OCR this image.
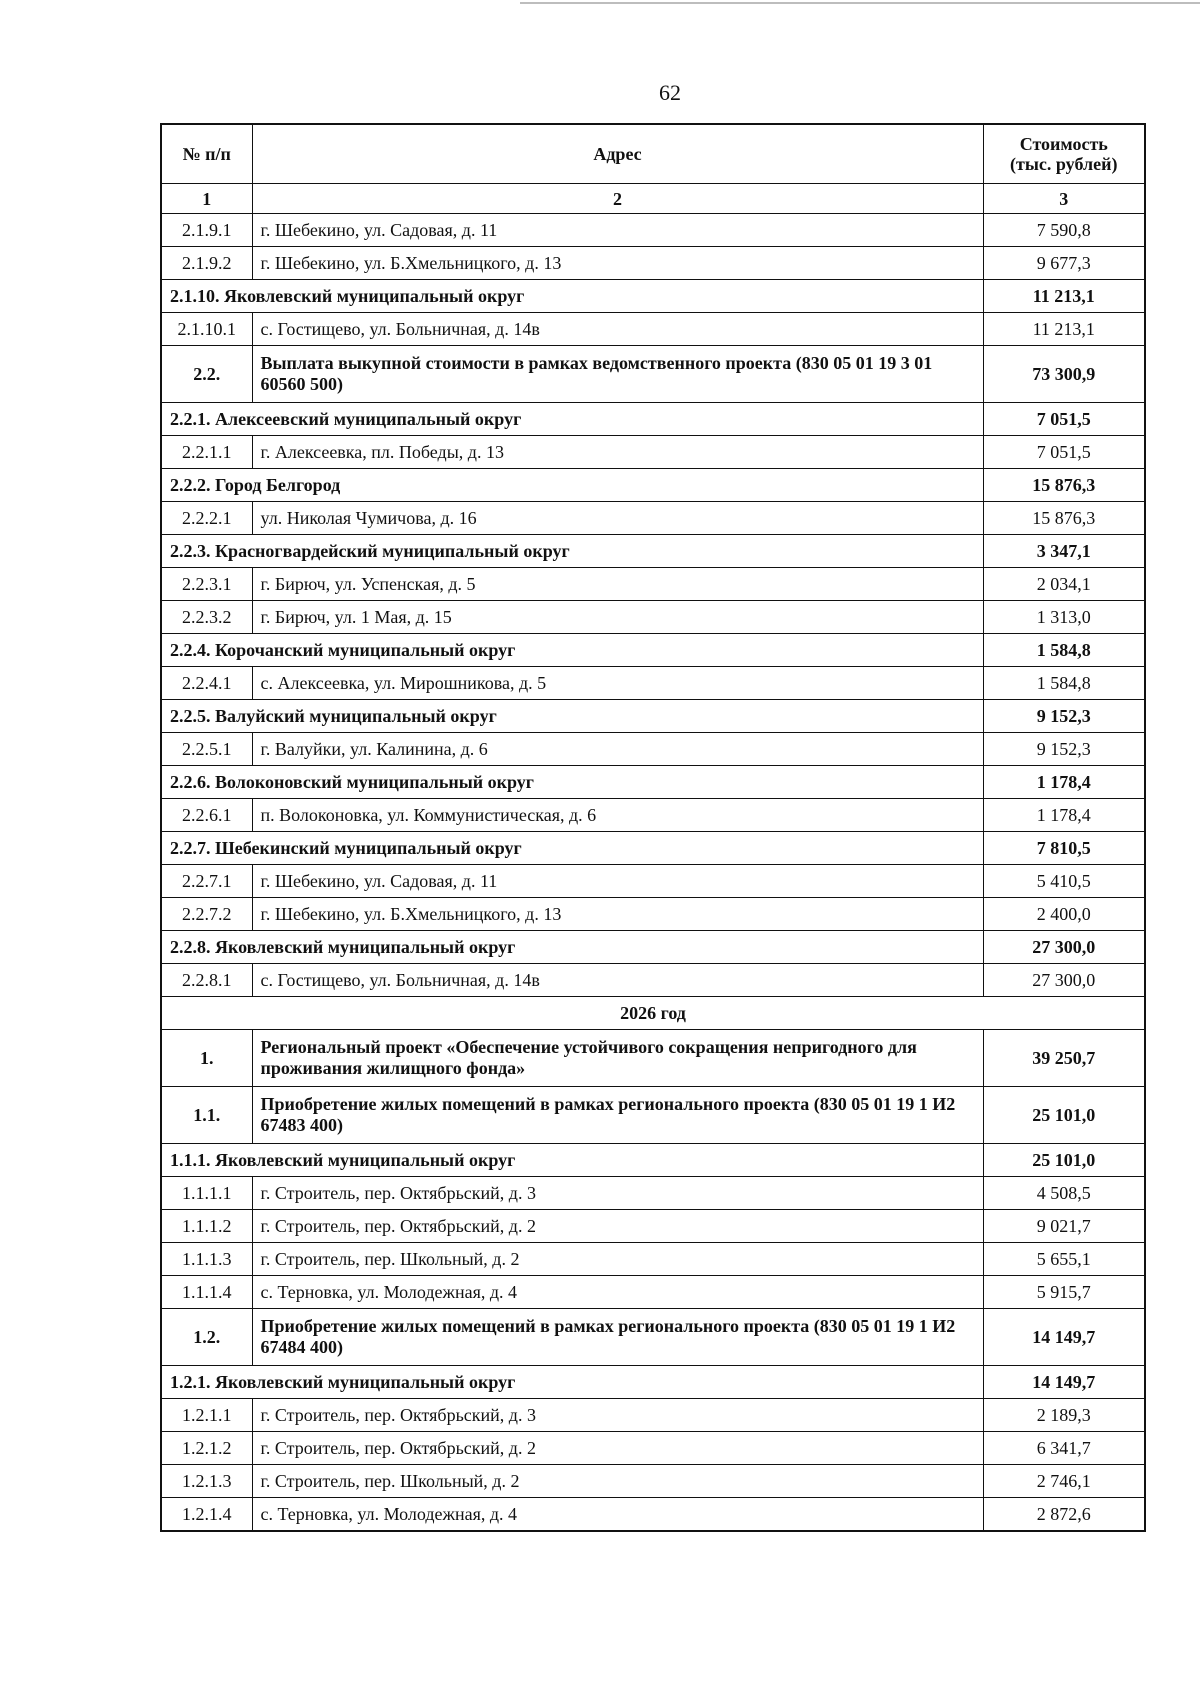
62
№ п/п	Адрес	Стоимость
(тыс. рублей)
1	2	3
2.1.9.1	г. Шебекино, ул. Садовая, д. 11	7 590,8
2.1.9.2	г. Шебекино, ул. Б.Хмельницкого, д. 13	9 677,3
2.1.10. Яковлевский муниципальный округ		11 213,1
2.1.10.1	с. Гостищево, ул. Больничная, д. 14в	11 213,1
2.2.	Выплата выкупной стоимости в рамках ведомственного проекта (830 05 01 19 3 01 60560 500)	73 300,9
2.2.1. Алексеевский муниципальный округ		7 051,5
2.2.1.1	г. Алексеевка, пл. Победы, д. 13	7 051,5
2.2.2. Город Белгород		15 876,3
2.2.2.1	ул. Николая Чумичова, д. 16	15 876,3
2.2.3. Красногвардейский муниципальный округ		3 347,1
2.2.3.1	г. Бирюч, ул. Успенская, д. 5	2 034,1
2.2.3.2	г. Бирюч, ул. 1 Мая, д. 15	1 313,0
2.2.4. Корочанский муниципальный округ		1 584,8
2.2.4.1	с. Алексеевка, ул. Мирошникова, д. 5	1 584,8
2.2.5. Валуйский муниципальный округ		9 152,3
2.2.5.1	г. Валуйки, ул. Калинина, д. 6	9 152,3
2.2.6. Волоконовский муниципальный округ		1 178,4
2.2.6.1	п. Волоконовка, ул. Коммунистическая, д. 6	1 178,4
2.2.7. Шебекинский муниципальный округ		7 810,5
2.2.7.1	г. Шебекино, ул. Садовая, д. 11	5 410,5
2.2.7.2	г. Шебекино, ул. Б.Хмельницкого, д. 13	2 400,0
2.2.8. Яковлевский муниципальный округ		27 300,0
2.2.8.1	с. Гостищево, ул. Больничная, д. 14в	27 300,0
2026 год		
1.	Региональный проект «Обеспечение устойчивого сокращения непригодного для проживания жилищного фонда»	39 250,7
1.1.	Приобретение жилых помещений в рамках регионального проекта (830 05 01 19 1 И2 67483 400)	25 101,0
1.1.1. Яковлевский муниципальный округ		25 101,0
1.1.1.1	г. Строитель, пер. Октябрьский, д. 3	4 508,5
1.1.1.2	г. Строитель, пер. Октябрьский, д. 2	9 021,7
1.1.1.3	г. Строитель, пер. Школьный, д. 2	5 655,1
1.1.1.4	с. Терновка, ул. Молодежная, д. 4	5 915,7
1.2.	Приобретение жилых помещений в рамках регионального проекта (830 05 01 19 1 И2 67484 400)	14 149,7
1.2.1. Яковлевский муниципальный округ		14 149,7
1.2.1.1	г. Строитель, пер. Октябрьский, д. 3	2 189,3
1.2.1.2	г. Строитель, пер. Октябрьский, д. 2	6 341,7
1.2.1.3	г. Строитель, пер. Школьный, д. 2	2 746,1
1.2.1.4	с. Терновка, ул. Молодежная, д. 4	2 872,6
